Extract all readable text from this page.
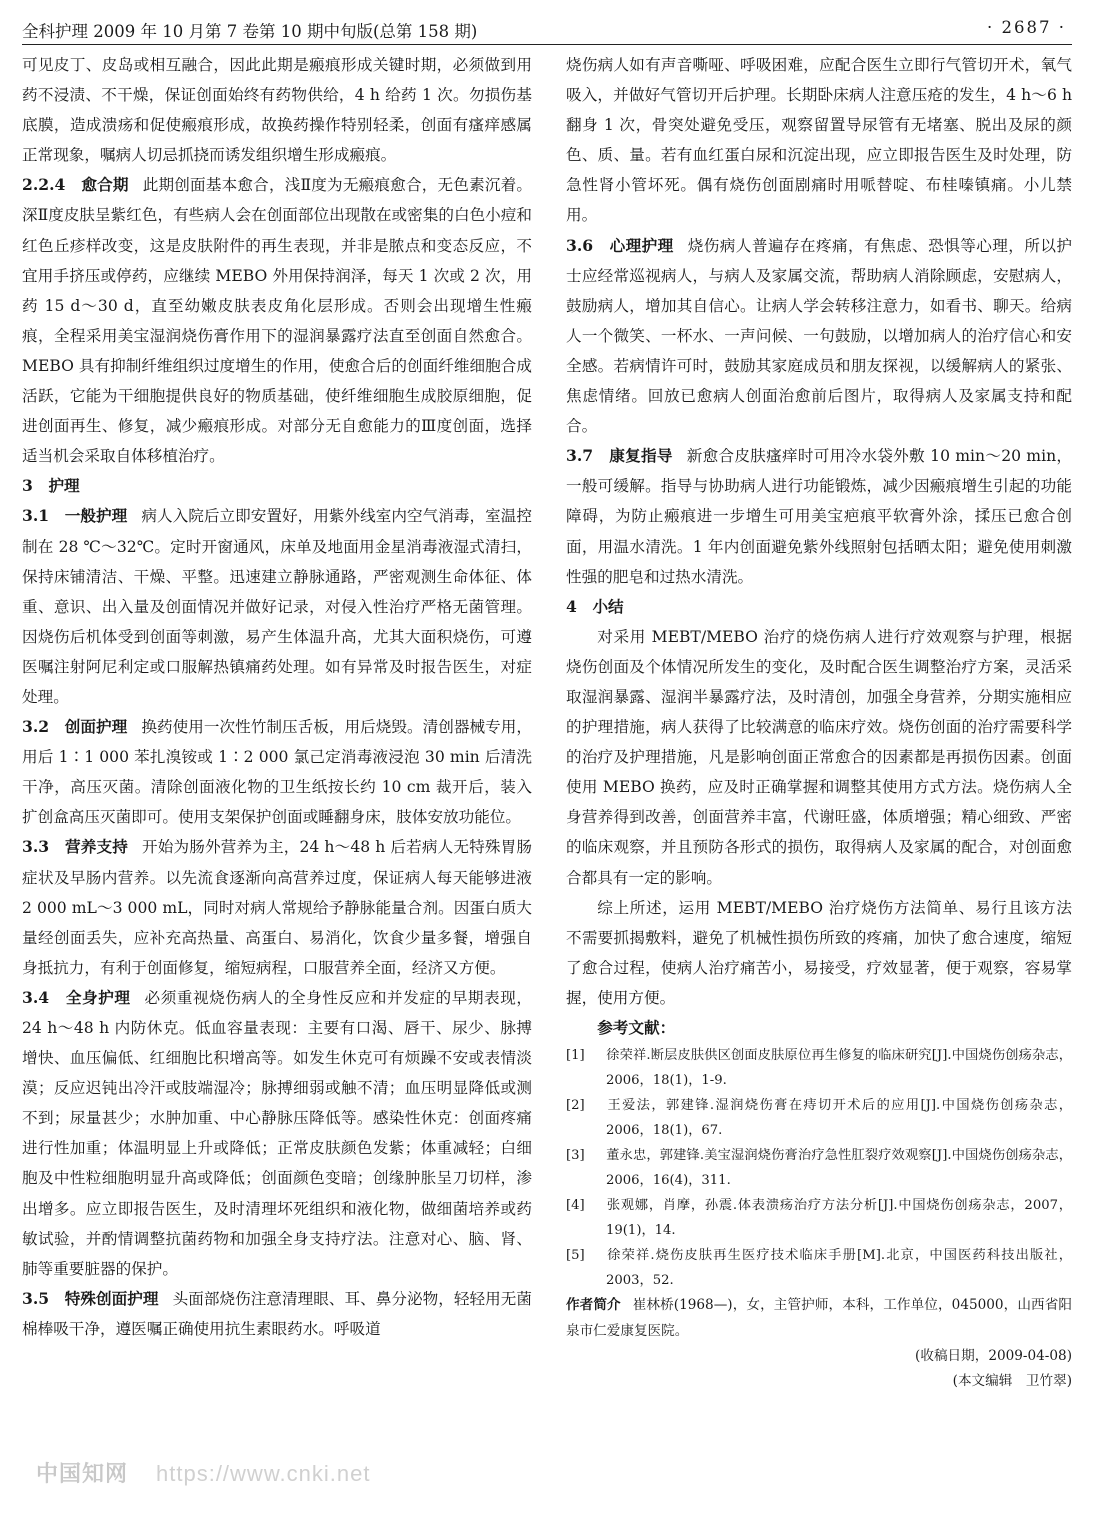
全科护理 2009 年 10 月第 7 卷第 10 期中旬版(总第 158 期)	· 2687 ·

可见皮丁、皮岛或相互融合，因此此期是瘢痕形成关键时期，必须做到用药不浸渍、不干燥，保证创面始终有药物供给，4 h 给药 1 次。勿损伤基底膜，造成溃疡和促使瘢痕形成，故换药操作特别轻柔，创面有瘙痒感属正常现象，嘱病人切忌抓挠而诱发组织增生形成瘢痕。

2.2.4　愈合期 此期创面基本愈合，浅Ⅱ度为无瘢痕愈合，无色素沉着。深Ⅱ度皮肤呈紫红色，有些病人会在创面部位出现散在或密集的白色小痘和红色丘疹样改变，这是皮肤附件的再生表现，并非是脓点和变态反应，不宜用手挤压或停药，应继续 MEBO 外用保持润泽，每天 1 次或 2 次，用药 15 d～30 d，直至幼嫩皮肤表皮角化层形成。否则会出现增生性瘢痕，全程采用美宝湿润烧伤膏作用下的湿润暴露疗法直至创面自然愈合。MEBO 具有抑制纤维组织过度增生的作用，使愈合后的创面纤维细胞合成活跃，它能为干细胞提供良好的物质基础，使纤维细胞生成胶原细胞，促进创面再生、修复，减少瘢痕形成。对部分无自愈能力的Ⅲ度创面，选择适当机会采取自体移植治疗。

3　护理

3.1　一般护理 病人入院后立即安置好，用紫外线室内空气消毒，室温控制在 28 ℃～32℃。定时开窗通风，床单及地面用金星消毒液湿式清扫，保持床铺清洁、干燥、平整。迅速建立静脉通路，严密观测生命体征、体重、意识、出入量及创面情况并做好记录，对侵入性治疗严格无菌管理。因烧伤后机体受到创面等刺激，易产生体温升高，尤其大面积烧伤，可遵医嘱注射阿尼利定或口服解热镇痛药处理。如有异常及时报告医生，对症处理。

3.2　创面护理 换药使用一次性竹制压舌板，用后烧毁。清创器械专用，用后 1∶1 000 苯扎溴铵或 1∶2 000 氯己定消毒液浸泡 30 min 后清洗干净，高压灭菌。清除创面液化物的卫生纸按长约 10 cm 裁开后，装入扩创盒高压灭菌即可。使用支架保护创面或睡翻身床，肢体安放功能位。

3.3　营养支持 开始为肠外营养为主，24 h～48 h 后若病人无特殊胃肠症状及早肠内营养。以先流食逐渐向高营养过度，保证病人每天能够进液 2 000 mL～3 000 mL，同时对病人常规给予静脉能量合剂。因蛋白质大量经创面丢失，应补充高热量、高蛋白、易消化，饮食少量多餐，增强自身抵抗力，有利于创面修复，缩短病程，口服营养全面，经济又方便。

3.4　全身护理 必须重视烧伤病人的全身性反应和并发症的早期表现，24 h～48 h 内防休克。低血容量表现：主要有口渴、唇干、尿少、脉搏增快、血压偏低、红细胞比积增高等。如发生休克可有烦躁不安或表情淡漠；反应迟钝出冷汗或肢端湿冷；脉搏细弱或触不清；血压明显降低或测不到；尿量甚少；水肿加重、中心静脉压降低等。感染性休克：创面疼痛进行性加重；体温明显上升或降低；正常皮肤颜色发紫；体重减轻；白细胞及中性粒细胞明显升高或降低；创面颜色变暗；创缘肿胀呈刀切样，渗出增多。应立即报告医生，及时清理坏死组织和液化物，做细菌培养或药敏试验，并酌情调整抗菌药物和加强全身支持疗法。注意对心、脑、肾、肺等重要脏器的保护。

3.5　特殊创面护理 头面部烧伤注意清理眼、耳、鼻分泌物，轻轻用无菌棉棒吸干净，遵医嘱正确使用抗生素眼药水。呼吸道

烧伤病人如有声音嘶哑、呼吸困难，应配合医生立即行气管切开术，氧气吸入，并做好气管切开后护理。长期卧床病人注意压疮的发生，4 h～6 h 翻身 1 次，骨突处避免受压，观察留置导尿管有无堵塞、脱出及尿的颜色、质、量。若有血红蛋白尿和沉淀出现，应立即报告医生及时处理，防急性肾小管坏死。偶有烧伤创面剧痛时用哌替啶、布桂嗪镇痛。小儿禁用。

3.6　心理护理 烧伤病人普遍存在疼痛，有焦虑、恐惧等心理，所以护士应经常巡视病人，与病人及家属交流，帮助病人消除顾虑，安慰病人，鼓励病人，增加其自信心。让病人学会转移注意力，如看书、聊天。给病人一个微笑、一杯水、一声问候、一句鼓励，以增加病人的治疗信心和安全感。若病情许可时，鼓励其家庭成员和朋友探视，以缓解病人的紧张、焦虑情绪。回放已愈病人创面治愈前后图片，取得病人及家属支持和配合。

3.7　康复指导 新愈合皮肤瘙痒时可用冷水袋外敷 10 min～20 min，一般可缓解。指导与协助病人进行功能锻炼，减少因瘢痕增生引起的功能障碍，为防止瘢痕进一步增生可用美宝疤痕平软膏外涂，揉压已愈合创面，用温水清洗。1 年内创面避免紫外线照射包括晒太阳；避免使用刺激性强的肥皂和过热水清洗。

4　小结

对采用 MEBT/MEBO 治疗的烧伤病人进行疗效观察与护理，根据烧伤创面及个体情况所发生的变化，及时配合医生调整治疗方案，灵活采取湿润暴露、湿润半暴露疗法，及时清创，加强全身营养，分期实施相应的护理措施，病人获得了比较满意的临床疗效。烧伤创面的治疗需要科学的治疗及护理措施，凡是影响创面正常愈合的因素都是再损伤因素。创面使用 MEBO 换药，应及时正确掌握和调整其使用方式方法。烧伤病人全身营养得到改善，创面营养丰富，代谢旺盛，体质增强；精心细致、严密的临床观察，并且预防各形式的损伤，取得病人及家属的配合，对创面愈合都具有一定的影响。

综上所述，运用 MEBT/MEBO 治疗烧伤方法简单、易行且该方法不需要抓揭敷料，避免了机械性损伤所致的疼痛，加快了愈合速度，缩短了愈合过程，使病人治疗痛苦小，易接受，疗效显著，便于观察，容易掌握，使用方便。

参考文献：

[1] 徐荣祥.断层皮肤供区创面皮肤原位再生修复的临床研究[J].中国烧伤创疡杂志，2006，18(1)，1-9.

[2] 王爱法，郭建锋.湿润烧伤膏在痔切开术后的应用[J].中国烧伤创疡杂志，2006，18(1)，67.

[3] 董永忠，郭建锋.美宝湿润烧伤膏治疗急性肛裂疗效观察[J].中国烧伤创疡杂志，2006，16(4)，311.

[4] 张观娜，肖摩，孙震.体表溃疡治疗方法分析[J].中国烧伤创疡杂志，2007，19(1)，14.

[5] 徐荣祥.烧伤皮肤再生医疗技术临床手册[M].北京，中国医药科技出版社，2003，52.

作者简介 崔林桥(1968—)，女，主管护师，本科，工作单位，045000，山西省阳泉市仁爱康复医院。

(收稿日期，2009-04-08)

(本文编辑　卫竹翠)

中国知网 https://www.cnki.net
